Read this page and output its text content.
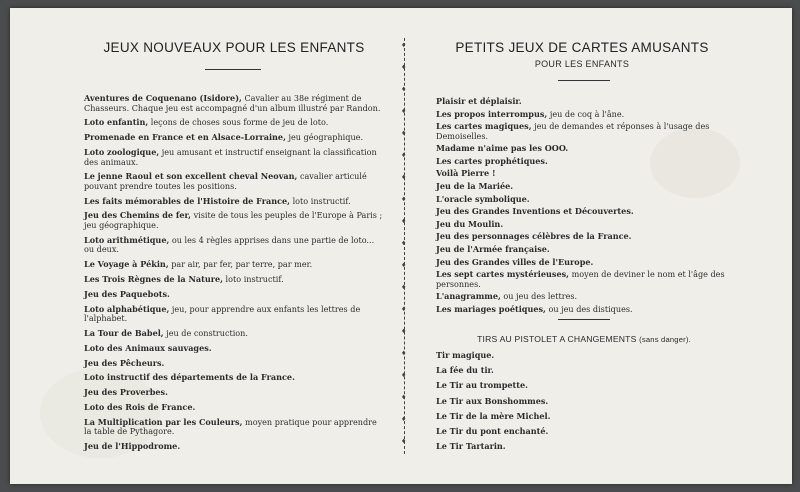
JEUX NOUVEAUX POUR LES ENFANTS
Aventures de Coquenano (Isidore), Cavalier au 38e régiment de Chasseurs. Chaque jeu est accompagné d'un album illustré par Randon.
Loto enfantin, leçons de choses sous forme de jeu de loto.
Promenade en France et en Alsace-Lorraine, jeu géographique.
Loto zoologique, jeu amusant et instructif enseignant la classification des animaux.
Le jenne Raoul et son excellent cheval Neovan, cavalier articulé pouvant prendre toutes les positions.
Les faits mémorables de l'Histoire de France, loto instructif.
Jeu des Chemins de fer, visite de tous les peuples de l'Europe à Paris ; jeu géographique.
Loto arithmétique, ou les 4 règles apprises dans une partie de loto... ou deux.
Le Voyage à Pékin, par air, par fer, par terre, par mer.
Les Trois Règnes de la Nature, loto instructif.
Jeu des Paquebots.
Loto alphabétique, jeu, pour apprendre aux enfants les lettres de l'alphabet.
La Tour de Babel, jeu de construction.
Loto des Animaux sauvages.
Jeu des Pêcheurs.
Loto instructif des départements de la France.
Jeu des Proverbes.
Loto des Rois de France.
La Multiplication par les Couleurs, moyen pratique pour apprendre la table de Pythagore.
Jeu de l'Hippodrome.
♦
♦
♦
♦
♦
♦
♦
♦
♦
♦
♦
♦
♦
♦
♦
♦
♦
♦
♦
PETITS JEUX DE CARTES AMUSANTS
POUR LES ENFANTS
Plaisir et déplaisir.
Les propos interrompus, jeu de coq à l'âne.
Les cartes magiques, jeu de demandes et réponses à l'usage des Demoiselles.
Madame n'aime pas les OOO.
Les cartes prophétiques.
Voilà Pierre !
Jeu de la Mariée.
L'oracle symbolique.
Jeu des Grandes Inventions et Découvertes.
Jeu du Moulin.
Jeu des personnages célèbres de la France.
Jeu de l'Armée française.
Jeu des Grandes villes de l'Europe.
Les sept cartes mystérieuses, moyen de deviner le nom et l'âge des personnes.
L'anagramme, ou jeu des lettres.
Les mariages poétiques, ou jeu des distiques.
TIRS AU PISTOLET A CHANGEMENTS (sans danger).
Tir magique.
La fée du tir.
Le Tir au trompette.
Le Tir aux Bonshommes.
Le Tir de la mère Michel.
Le Tir du pont enchanté.
Le Tir Tartarin.
